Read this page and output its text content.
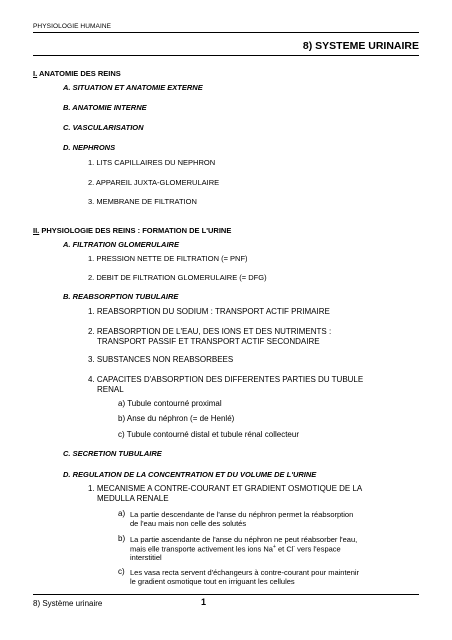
PHYSIOLOGIE HUMAINE
8) SYSTEME URINAIRE
I. ANATOMIE DES REINS
A. SITUATION ET ANATOMIE EXTERNE
B. ANATOMIE INTERNE
C. VASCULARISATION
D. NEPHRONS
1. LITS CAPILLAIRES DU NEPHRON
2. APPAREIL JUXTA-GLOMERULAIRE
3. MEMBRANE DE FILTRATION
II. PHYSIOLOGIE DES REINS : FORMATION DE L'URINE
A. FILTRATION GLOMERULAIRE
1. PRESSION NETTE DE FILTRATION (= PNF)
2. DEBIT DE FILTRATION GLOMERULAIRE (= DFG)
B. REABSORPTION TUBULAIRE
1. REABSORPTION DU SODIUM : TRANSPORT ACTIF PRIMAIRE
2. REABSORPTION DE L'EAU, DES IONS ET DES NUTRIMENTS :
TRANSPORT PASSIF ET TRANSPORT ACTIF SECONDAIRE
3. SUBSTANCES NON REABSORBEES
4. CAPACITES D'ABSORPTION DES DIFFERENTES PARTIES DU TUBULE
RENAL
a) Tubule contourné proximal
b) Anse du néphron (= de Henlé)
c) Tubule contourné distal et tubule rénal collecteur
C. SECRETION TUBULAIRE
D. REGULATION DE LA CONCENTRATION ET DU VOLUME DE L'URINE
1. MECANISME A CONTRE-COURANT ET GRADIENT OSMOTIQUE DE LA
MEDULLA RENALE
a) La partie descendante de l'anse du néphron permet la réabsorption
de l'eau mais non celle des solutés
b) La partie ascendante de l'anse du néphron ne peut réabsorber l'eau,
mais elle transporte activement les ions Na+ et Cl- vers l'espace
interstitiel
c) Les vasa recta servent d'échangeurs à contre-courant pour maintenir
le gradient osmotique tout en irriguant les cellules
8) Système urinaire	1
